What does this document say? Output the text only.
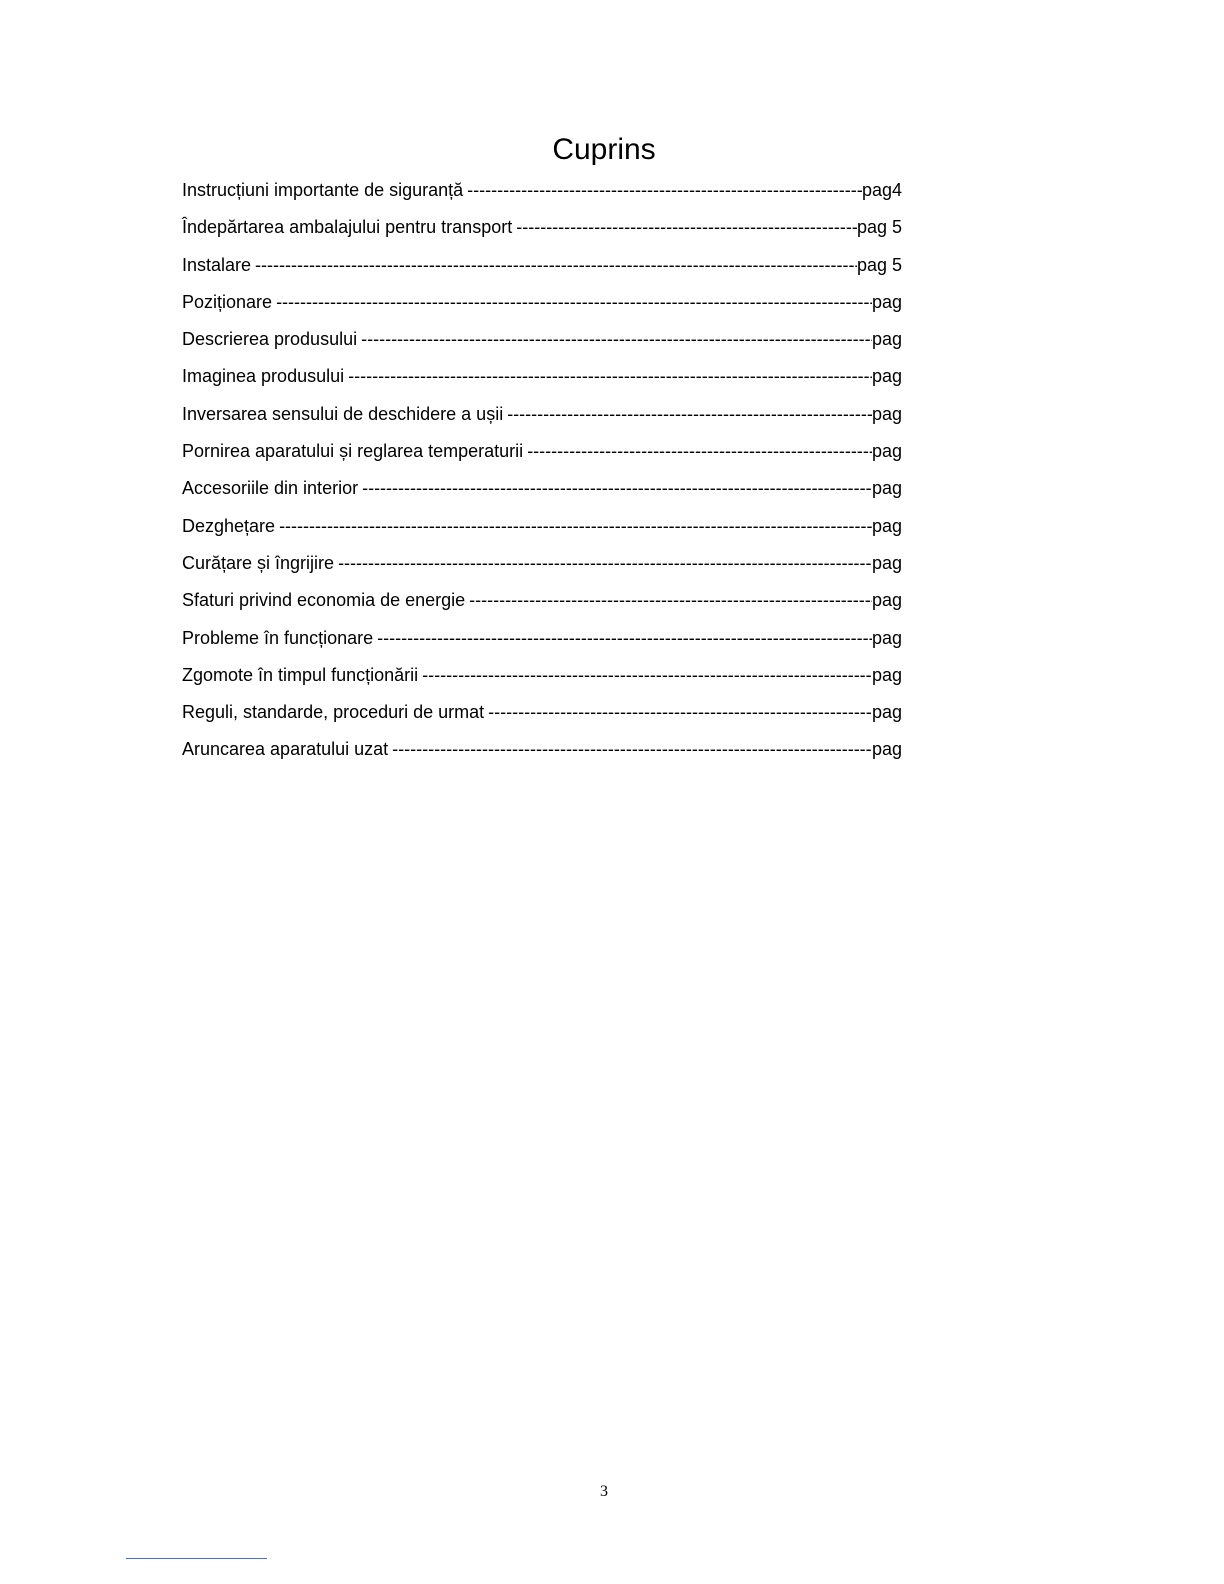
Cuprins
Instrucțiuni importante de siguranță -----	pag4
Îndepărtarea ambalajului pentru transport -----	pag 5
Instalare -----	pag 5
Poziționare -----	pag
Descrierea produsului -----	pag
Imaginea produsului -----	pag
Inversarea sensului de deschidere a ușii -----	pag
Pornirea aparatului și reglarea temperaturii -----	pag
Accesoriile din interior -----	pag
Dezghețare -----	pag
Curățare și îngrijire -----	pag
Sfaturi privind economia de energie -----	pag
Probleme în funcționare -----	pag
Zgomote în timpul funcționării -----	pag
Reguli, standarde, proceduri de urmat -----	pag
Aruncarea aparatului uzat -----	pag
3
